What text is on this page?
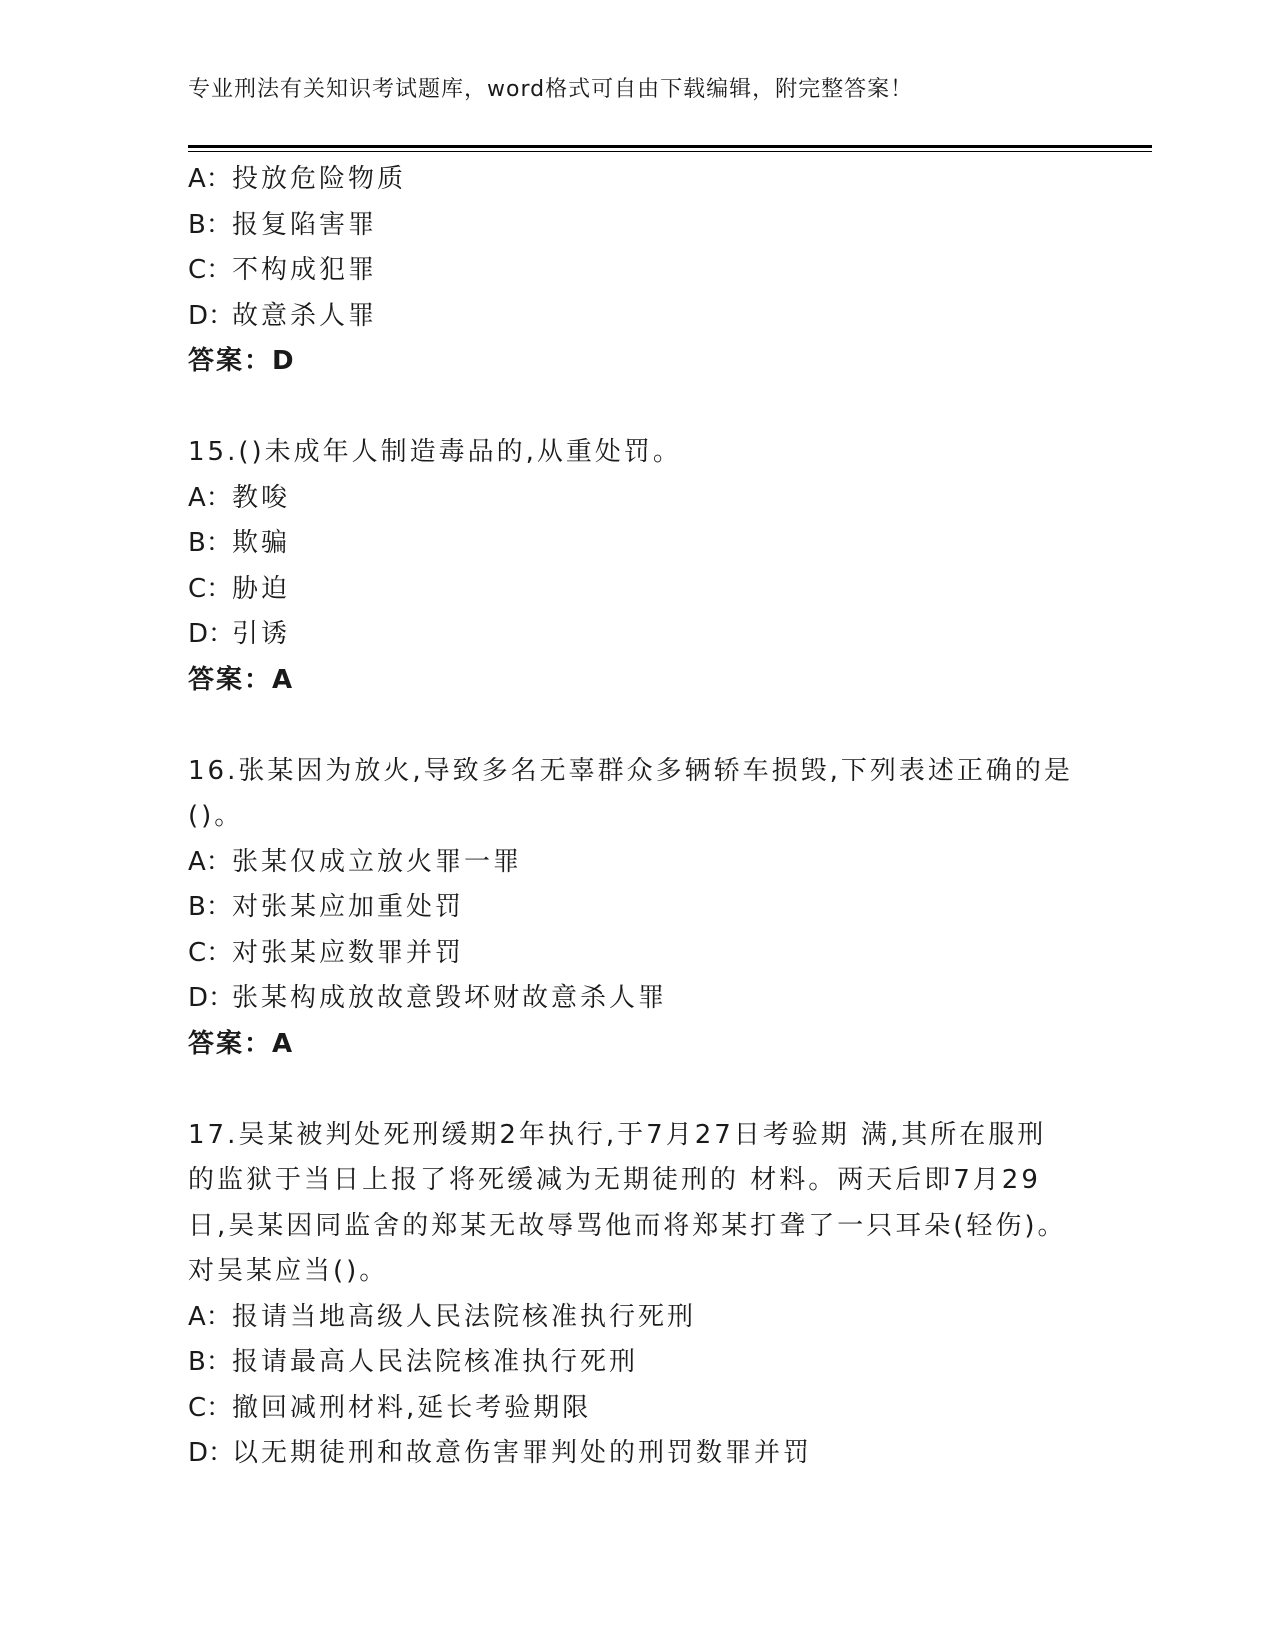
专业刑法有关知识考试题库，word格式可自由下载编辑，附完整答案！
A：投放危险物质
B：报复陷害罪
C：不构成犯罪
D：故意杀人罪
答案：D
15.()未成年人制造毒品的,从重处罚。
A：教唆
B：欺骗
C：胁迫
D：引诱
答案：A
16.张某因为放火,导致多名无辜群众多辆轿车损毁,下列表述正确的是
()。
A：张某仅成立放火罪一罪
B：对张某应加重处罚
C：对张某应数罪并罚
D：张某构成放故意毁坏财故意杀人罪
答案：A
17.吴某被判处死刑缓期2年执行,于7月27日考验期 满,其所在服刑
的监狱于当日上报了将死缓减为无期徒刑的 材料。两天后即7月29
日,吴某因同监舍的郑某无故辱骂他而将郑某打聋了一只耳朵(轻伤)。
对吴某应当()。
A：报请当地高级人民法院核准执行死刑
B：报请最高人民法院核准执行死刑
C：撤回减刑材料,延长考验期限
D：以无期徒刑和故意伤害罪判处的刑罚数罪并罚
